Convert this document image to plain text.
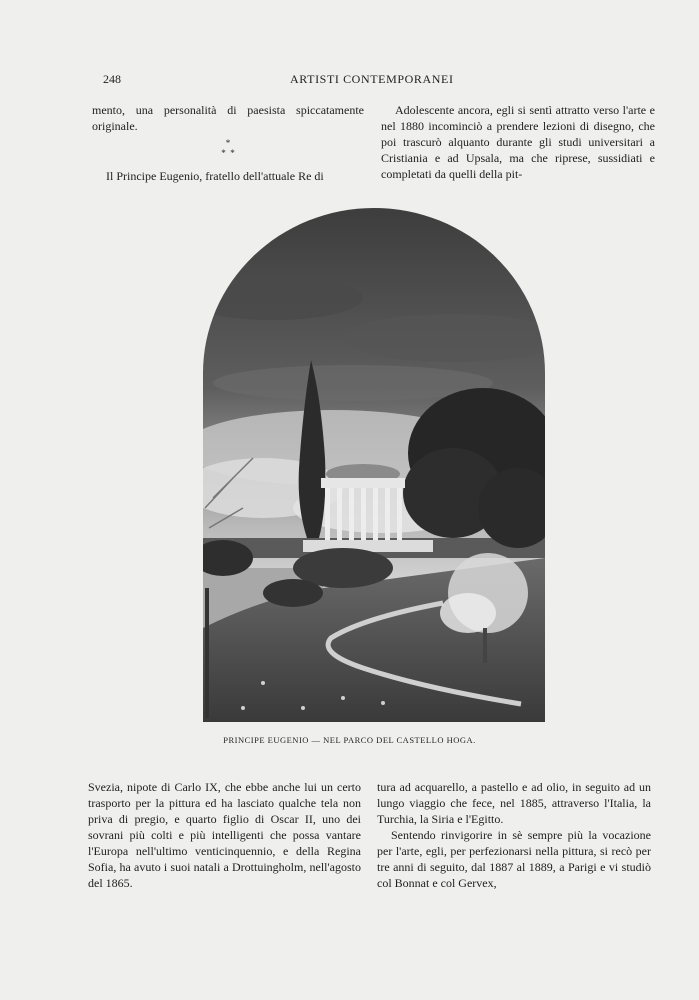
248	ARTISTI CONTEMPORANEI

mento, una personalità di paesista spiccatamente originale.

*
*  *

Il Principe Eugenio, fratello dell'attuale Re di

Adolescente ancora, egli si sentì attratto verso l'arte e nel 1880 incominciò a prendere lezioni di disegno, che poi trascurò alquanto durante gli studi universitari a Cristiania e ad Upsala, ma che riprese, sussidiati e completati da quelli della pit-

PRINCIPE EUGENIO — NEL PARCO DEL CASTELLO HOGA.

Svezia, nipote di Carlo IX, che ebbe anche lui un certo trasporto per la pittura ed ha lasciato qualche tela non priva di pregio, e quarto figlio di Oscar II, uno dei sovrani più colti e più intelligenti che possa vantare l'Europa nell'ultimo venticinquennio, e della Regina Sofia, ha avuto i suoi natali a Drottuingholm, nell'agosto del 1865.

tura ad acquarello, a pastello e ad olio, in seguito ad un lungo viaggio che fece, nel 1885, attraverso l'Italia, la Turchia, la Siria e l'Egitto.

Sentendo rinvigorire in sè sempre più la vocazione per l'arte, egli, per perfezionarsi nella pittura, si recò per tre anni di seguito, dal 1887 al 1889, a Parigi e vi studiò col Bonnat e col Gervex,
